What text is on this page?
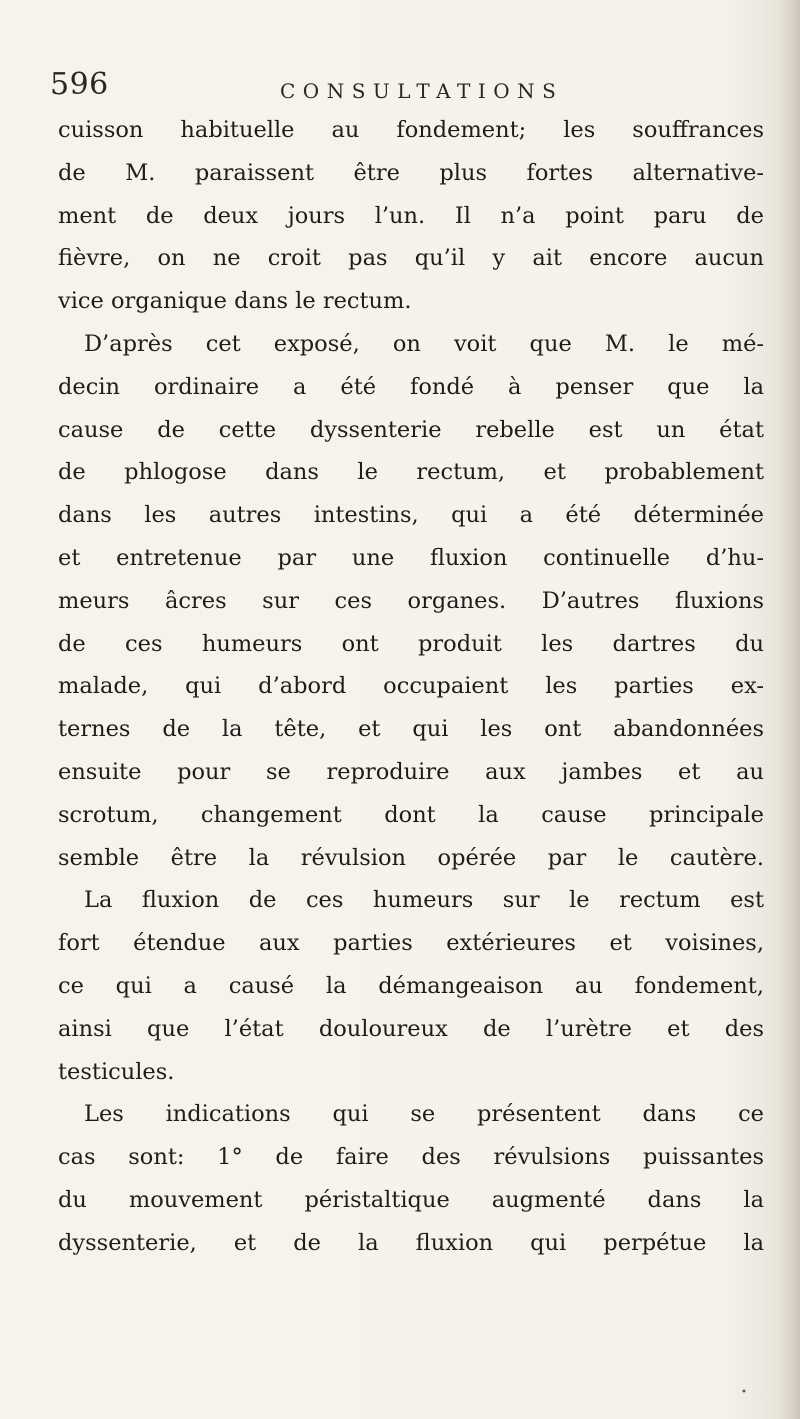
596	CONSULTATIONS
cuisson habituelle au fondement; les souffrances
de M. paraissent être plus fortes alternative-
ment de deux jours l’un. Il n’a point paru de
fièvre, on ne croit pas qu’il y ait encore aucun
vice organique dans le rectum.
D’après cet exposé, on voit que M. le mé-
decin ordinaire a été fondé à penser que la
cause de cette dyssenterie rebelle est un état
de phlogose dans le rectum, et probablement
dans les autres intestins, qui a été déterminée
et entretenue par une fluxion continuelle d’hu-
meurs âcres sur ces organes. D’autres fluxions
de ces humeurs ont produit les dartres du
malade, qui d’abord occupaient les parties ex-
ternes de la tête, et qui les ont abandonnées
ensuite pour se reproduire aux jambes et au
scrotum, changement dont la cause principale
semble être la révulsion opérée par le cautère.
La fluxion de ces humeurs sur le rectum est
fort étendue aux parties extérieures et voisines,
ce qui a causé la démangeaison au fondement,
ainsi que l’état douloureux de l’urètre et des
testicules.
Les indications qui se présentent dans ce
cas sont: 1° de faire des révulsions puissantes
du mouvement péristaltique augmenté dans la
dyssenterie, et de la fluxion qui perpétue la
•
